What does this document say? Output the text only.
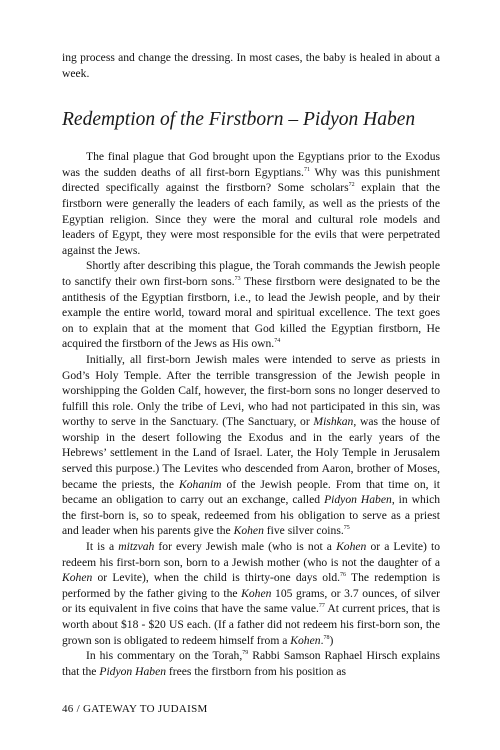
ing process and change the dressing. In most cases, the baby is healed in about a week.

Redemption of the Firstborn – Pidyon Haben

The final plague that God brought upon the Egyptians prior to the Exodus was the sudden deaths of all first-born Egyptians.$^{71}$ Why was this punishment directed specifically against the firstborn? Some scholars$^{72}$ explain that the firstborn were generally the leaders of each family, as well as the priests of the Egyptian religion. Since they were the moral and cultural role models and leaders of Egypt, they were most responsible for the evils that were perpetrated against the Jews.

Shortly after describing this plague, the Torah commands the Jewish people to sanctify their own first-born sons.$^{73}$ These firstborn were designated to be the antithesis of the Egyptian firstborn, i.e., to lead the Jewish people, and by their example the entire world, toward moral and spiritual excellence. The text goes on to explain that at the moment that God killed the Egyptian firstborn, He acquired the firstborn of the Jews as His own.$^{74}$

Initially, all first-born Jewish males were intended to serve as priests in God’s Holy Temple. After the terrible transgression of the Jewish people in worshipping the Golden Calf, however, the first-born sons no longer deserved to fulfill this role. Only the tribe of Levi, who had not participated in this sin, was worthy to serve in the Sanctuary. (The Sanctuary, or Mishkan, was the house of worship in the desert following the Exodus and in the early years of the Hebrews’ settlement in the Land of Israel. Later, the Holy Temple in Jerusalem served this purpose.) The Levites who descended from Aaron, brother of Moses, became the priests, the Kohanim of the Jewish people. From that time on, it became an obligation to carry out an exchange, called Pidyon Haben, in which the first-born is, so to speak, redeemed from his obligation to serve as a priest and leader when his parents give the Kohen five silver coins.$^{75}$

It is a mitzvah for every Jewish male (who is not a Kohen or a Levite) to redeem his first-born son, born to a Jewish mother (who is not the daughter of a Kohen or Levite), when the child is thirty-one days old.$^{76}$ The redemption is performed by the father giving to the Kohen 105 grams, or 3.7 ounces, of silver or its equivalent in five coins that have the same value.$^{77}$ At current prices, that is worth about $18 - $20 US each. (If a father did not redeem his first-born son, the grown son is obligated to redeem himself from a Kohen.$^{78}$)

In his commentary on the Torah,$^{79}$ Rabbi Samson Raphael Hirsch explains that the Pidyon Haben frees the firstborn from his position as

46 / GATEWAY TO JUDAISM
